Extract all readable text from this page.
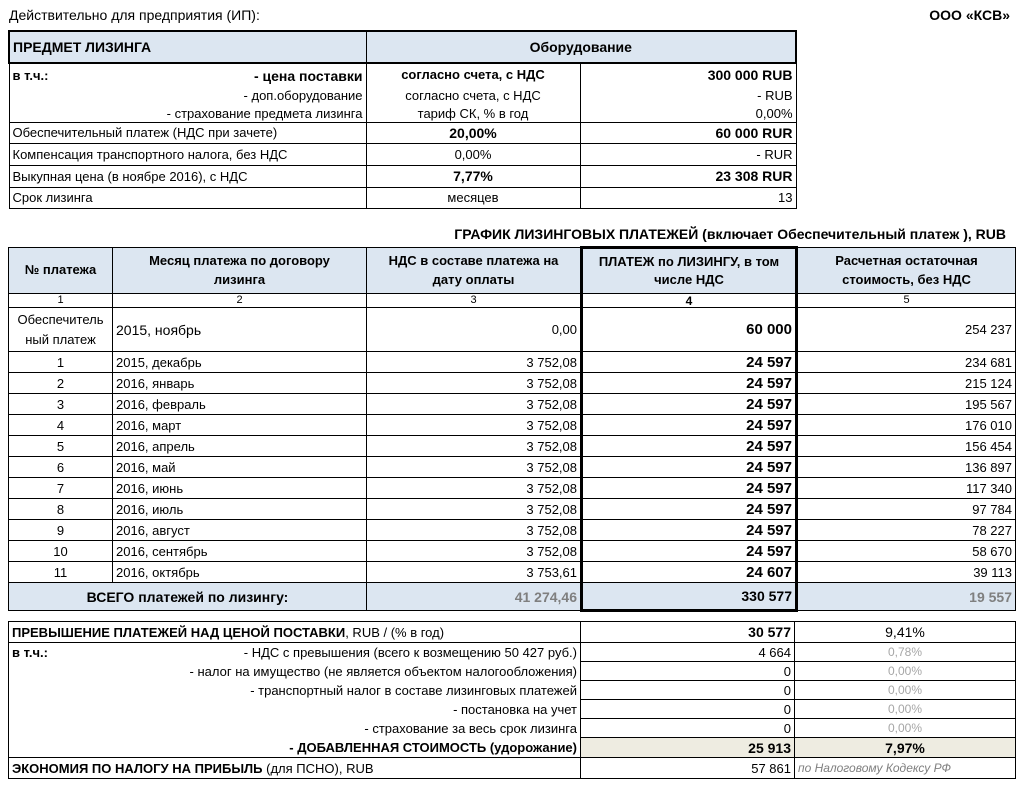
Действительно для предприятия (ИП):	ООО «КСВ»
ПРЕДМЕТ ЛИЗИНГА	Оборудование	

в т.ч.: - цена поставки	согласно счета, с НДС	300 000 RUB
- доп.оборудование	согласно счета, с НДС	- RUB
- страхование предмета лизинга	тариф СК, % в год	0,00%
Обеспечительный платеж (НДС при зачете)	20,00%	60 000 RUR
Компенсация транспортного налога, без НДС	0,00%	- RUR
Выкупная цена (в ноябре 2016), с НДС	7,77%	23 308 RUR
Срок лизинга	месяцев	13
ГРАФИК ЛИЗИНГОВЫХ ПЛАТЕЖЕЙ (включает Обеспечительный платеж ), RUB
№ платежа	Месяц платежа по договору лизинга	НДС в составе платежа на дату оплаты	ПЛАТЕЖ по ЛИЗИНГУ, в том числе НДС	Расчетная остаточная стоимость, без НДС
1	2	3	4	5
Обеспечитель ный платеж	2015, ноябрь	0,00	60 000	254 237
1	2015, декабрь	3 752,08	24 597	234 681
2	2016, январь	3 752,08	24 597	215 124
3	2016, февраль	3 752,08	24 597	195 567
4	2016, март	3 752,08	24 597	176 010
5	2016, апрель	3 752,08	24 597	156 454
6	2016, май	3 752,08	24 597	136 897
7	2016, июнь	3 752,08	24 597	117 340
8	2016, июль	3 752,08	24 597	97 784
9	2016, август	3 752,08	24 597	78 227
10	2016, сентябрь	3 752,08	24 597	58 670
11	2016, октябрь	3 753,61	24 607	39 113
ВСЕГО платежей по лизингу:		41 274,46	330 577	19 557
ПРЕВЫШЕНИЕ ПЛАТЕЖЕЙ НАД ЦЕНОЙ ПОСТАВКИ, RUB / (% в год)	30 577	9,41%

в т.ч.: - НДС с превышения (всего к возмещению 50 427 руб.)	4 664	0,78%

- налог на имущество (не является объектом налогообложения)	0	0,00%

- транспортный налог в составе лизинговых платежей	0	0,00%

- постановка на учет	0	0,00%

- страхование за весь срок лизинга	0	0,00%
- ДОБАВЛЕННАЯ СТОИМОСТЬ (удорожание)	25 913	7,97%
ЭКОНОМИЯ ПО НАЛОГУ НА ПРИБЫЛЬ (для ПСНО), RUB	57 861	по Налоговому Кодексу РФ
